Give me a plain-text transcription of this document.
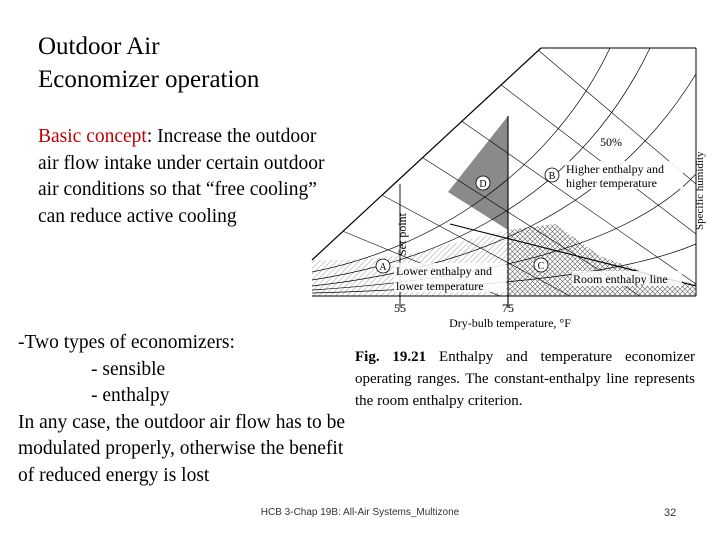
Outdoor Air
Economizer operation
Basic concept: Increase the outdoor air flow intake under certain outdoor air conditions so that “free cooling” can reduce active cooling
50%
Specific humidity
Set point
D
B
Higher enthalpy and
higher temperature
A Lower enthalpy and
lower temperature
C
Room enthalpy line
55	75
Dry-bulb temperature, °F
-Two types of economizers:
- sensible
- enthalpy
In any case, the outdoor air flow has to be modulated properly, otherwise the benefit of reduced energy is lost
Fig. 19.21 Enthalpy and temperature economizer operating ranges. The constant-enthalpy line represents the room enthalpy criterion.
HCB 3-Chap 19B: All-Air Systems_Multizone	32
